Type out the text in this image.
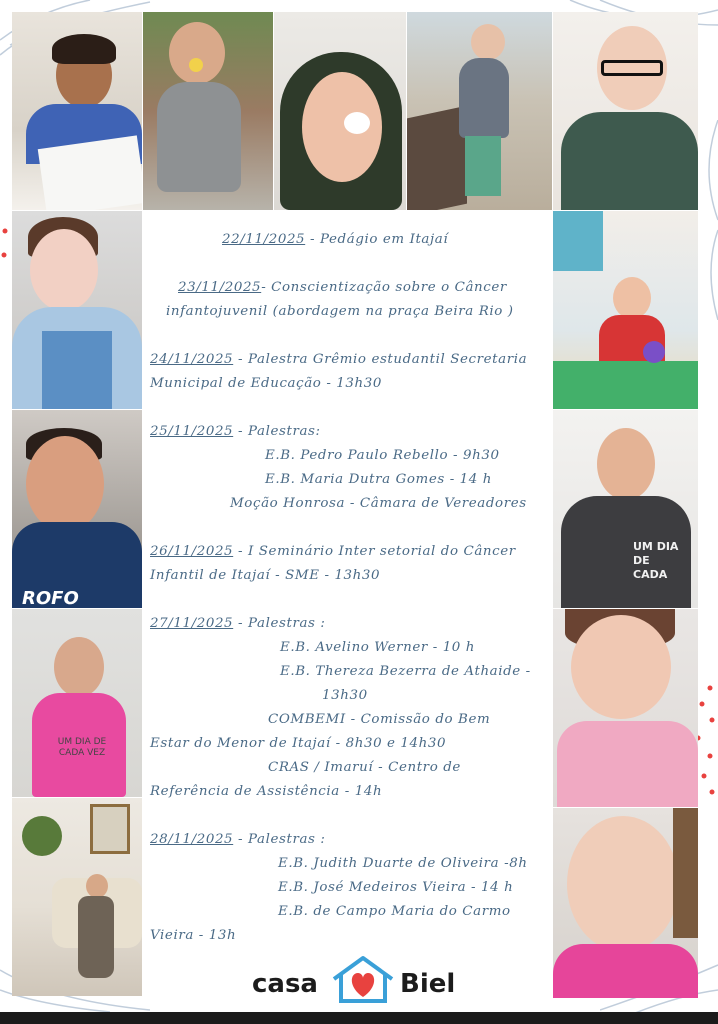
ROFO
UM DIA DE CADA VEZ
UM DIA DE CADA
22/11/2025 - Pedágio em Itajaí
23/11/2025- Conscientização sobre o Câncer
infantojuvenil (abordagem na praça Beira Rio )
24/11/2025 - Palestra Grêmio estudantil Secretaria
Municipal de Educação - 13h30
25/11/2025 - Palestras:
E.B. Pedro Paulo Rebello - 9h30
E.B. Maria Dutra Gomes - 14 h
Moção Honrosa - Câmara de Vereadores
26/11/2025 - I Seminário Inter setorial do Câncer
Infantil de Itajaí - SME - 13h30
27/11/2025 - Palestras :
E.B. Avelino Werner - 10 h
E.B. Thereza Bezerra de Athaide -
13h30
COMBEMI - Comissão do Bem
Estar do Menor de Itajaí - 8h30 e 14h30
CRAS / Imaruí - Centro de
Referência de Assistência - 14h
28/11/2025 - Palestras :
E.B. Judith Duarte de Oliveira -8h
E.B. José Medeiros Vieira - 14 h
E.B. de Campo Maria do Carmo
Vieira - 13h
casa	Biel
